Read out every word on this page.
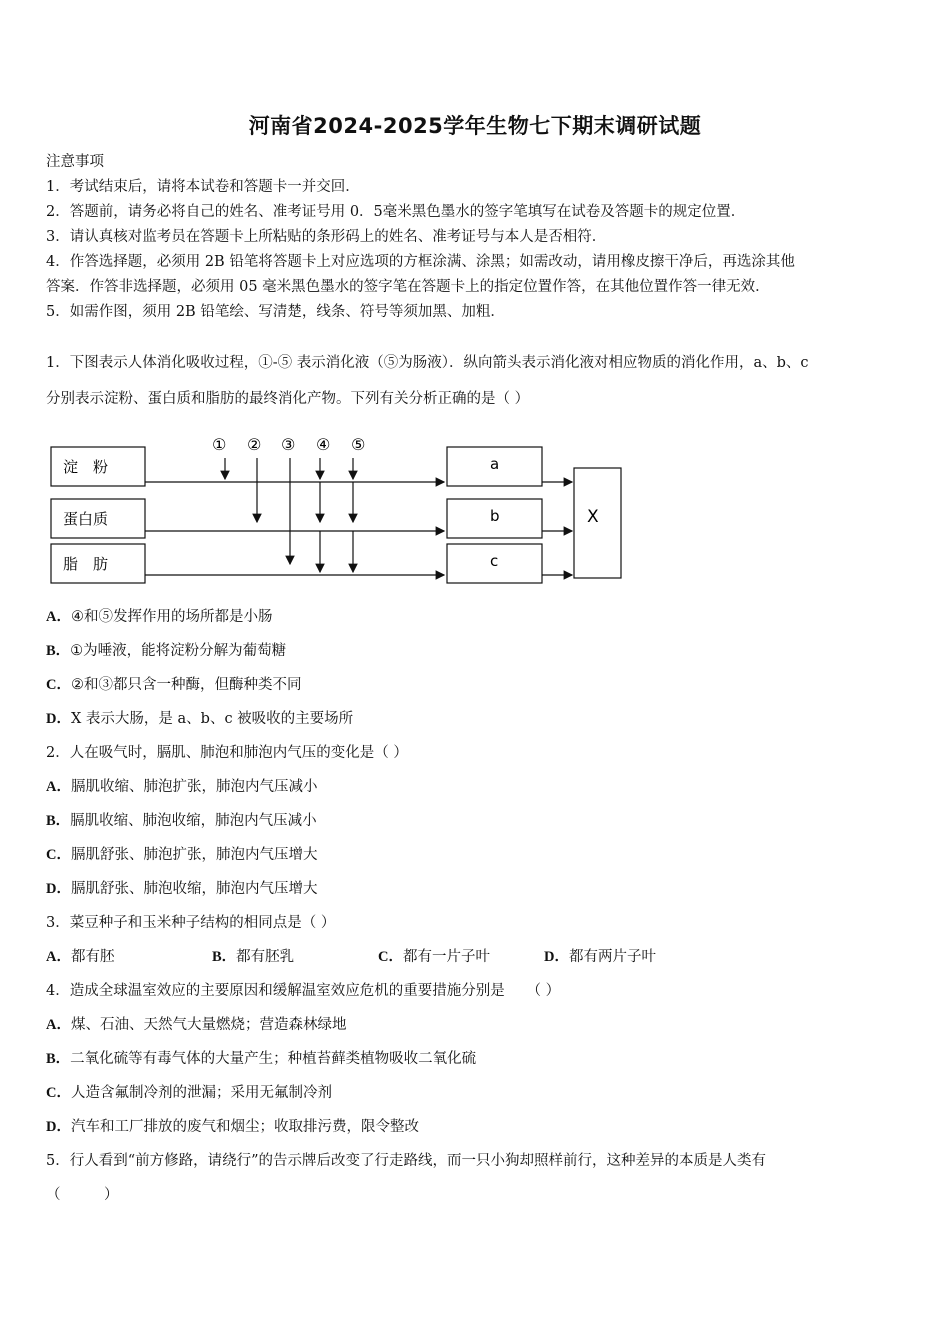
河南省2024-2025学年生物七下期末调研试题
注意事项
1．考试结束后，请将本试卷和答题卡一并交回．
2．答题前，请务必将自己的姓名、准考证号用 0．5毫米黑色墨水的签字笔填写在试卷及答题卡的规定位置．
3．请认真核对监考员在答题卡上所粘贴的条形码上的姓名、准考证号与本人是否相符．
4．作答选择题，必须用 2B 铅笔将答题卡上对应选项的方框涂满、涂黑；如需改动，请用橡皮擦干净后，再选涂其他
答案．作答非选择题，必须用 05 毫米黑色墨水的签字笔在答题卡上的指定位置作答，在其他位置作答一律无效．
5．如需作图，须用 2B 铅笔绘、写清楚，线条、符号等须加黑、加粗．
1．下图表示人体消化吸收过程，①-⑤ 表示消化液（⑤为肠液）．纵向箭头表示消化液对相应物质的消化作用，a、b、c
分别表示淀粉、蛋白质和脂肪的最终消化产物。下列有关分析正确的是（ ）
淀　粉
蛋白质
脂　肪
① ② ③ ④ ⑤
a
b
c
X
A．④和⑤发挥作用的场所都是小肠
B．①为唾液，能将淀粉分解为葡萄糖
C．②和③都只含一种酶，但酶种类不同
D．X 表示大肠，是 a、b、c 被吸收的主要场所
2．人在吸气时，膈肌、肺泡和肺泡内气压的变化是（ ）
A．膈肌收缩、肺泡扩张，肺泡内气压减小
B．膈肌收缩、肺泡收缩，肺泡内气压减小
C．膈肌舒张、肺泡扩张，肺泡内气压增大
D．膈肌舒张、肺泡收缩，肺泡内气压增大
3．菜豆种子和玉米种子结构的相同点是（ ）
A．都有胚	B．都有胚乳	C．都有一片子叶	D．都有两片子叶
4．造成全球温室效应的主要原因和缓解温室效应危机的重要措施分别是　　（ ）
A．煤、石油、天然气大量燃烧；营造森林绿地
B．二氧化硫等有毒气体的大量产生；种植苔藓类植物吸收二氧化硫
C．人造含氟制冷剂的泄漏；采用无氟制冷剂
D．汽车和工厂排放的废气和烟尘；收取排污费，限令整改
5．行人看到“前方修路，请绕行”的告示牌后改变了行走路线，而一只小狗却照样前行，这种差异的本质是人类有
（　　　）
